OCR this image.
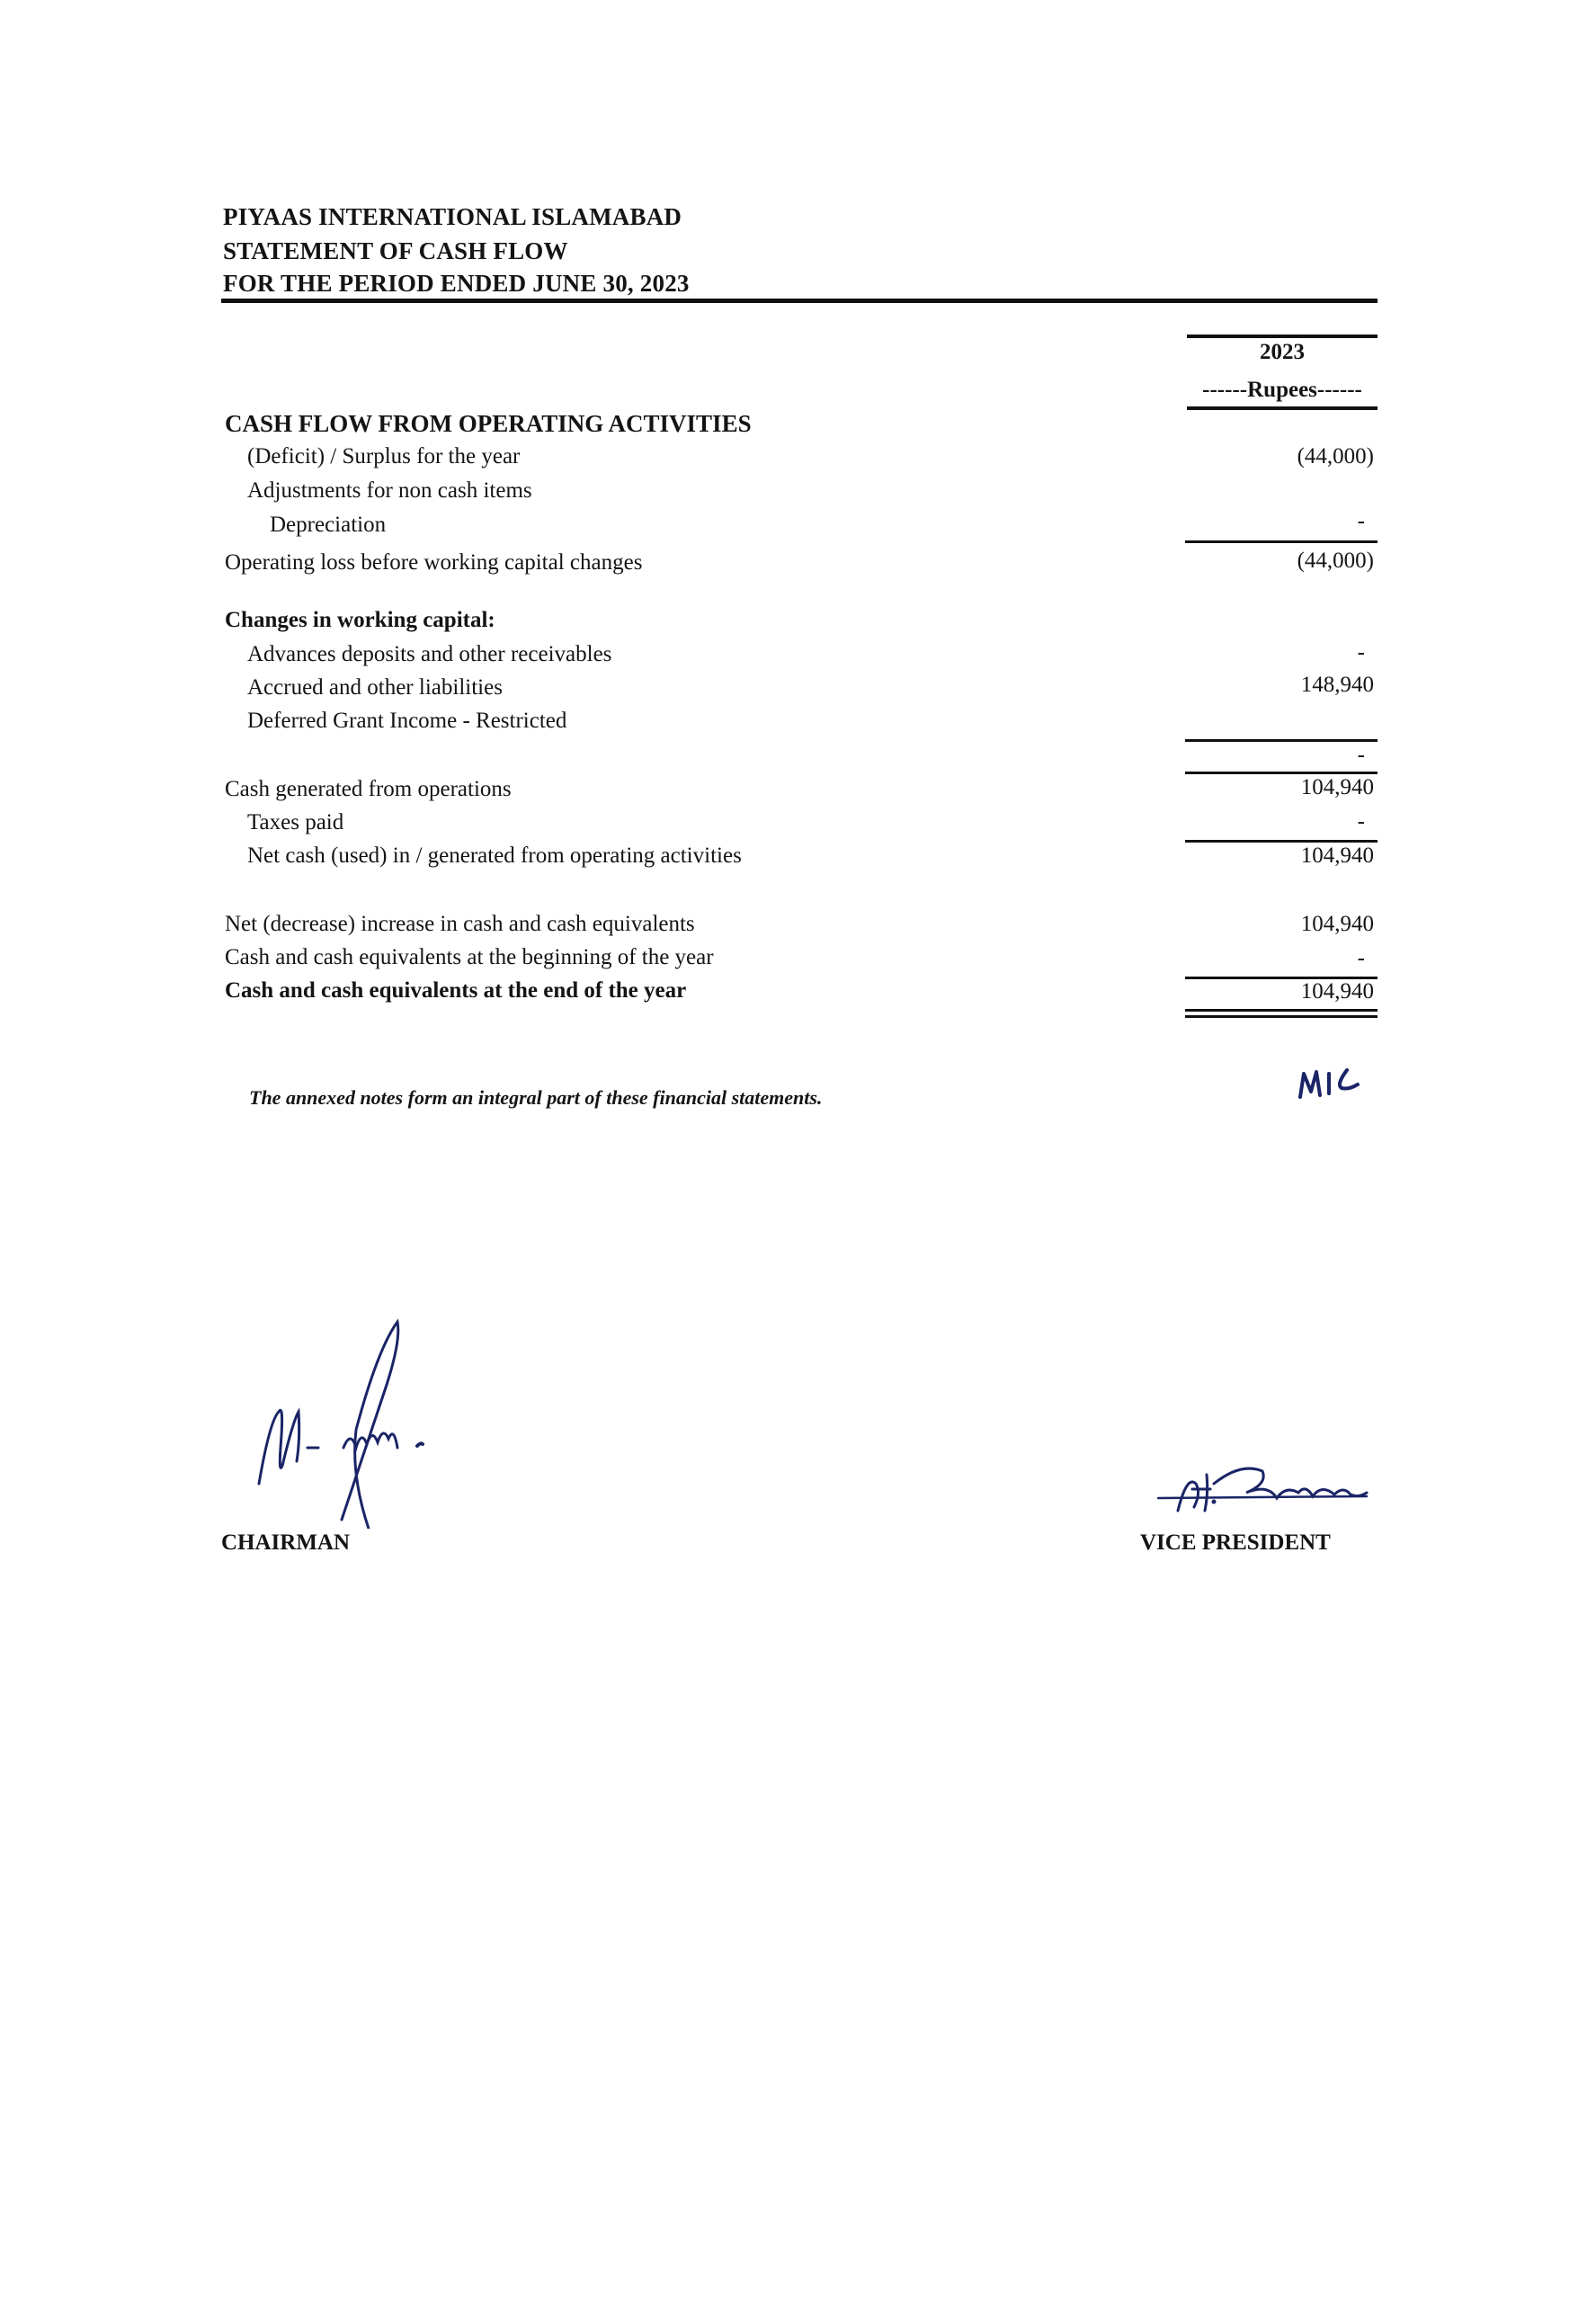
PIYAAS INTERNATIONAL ISLAMABAD
STATEMENT OF CASH FLOW
FOR THE PERIOD ENDED JUNE 30, 2023
2023
------Rupees------
CASH FLOW FROM OPERATING ACTIVITIES
(Deficit) / Surplus for the year
Adjustments for non cash items
Depreciation
Operating loss before working capital changes
Changes in working capital:
Advances deposits and other receivables
Accrued and other liabilities
Deferred Grant Income - Restricted
Cash generated from operations
Taxes paid
Net cash (used) in / generated from operating activities
Net (decrease) increase in cash and cash equivalents
Cash and cash equivalents at the beginning of the year
Cash and cash equivalents at the end of the year
(44,000)
-
(44,000)
-
148,940
-
104,940
-
104,940
104,940
-
104,940
The annexed notes form an integral part of these financial statements.
CHAIRMAN	VICE PRESIDENT
